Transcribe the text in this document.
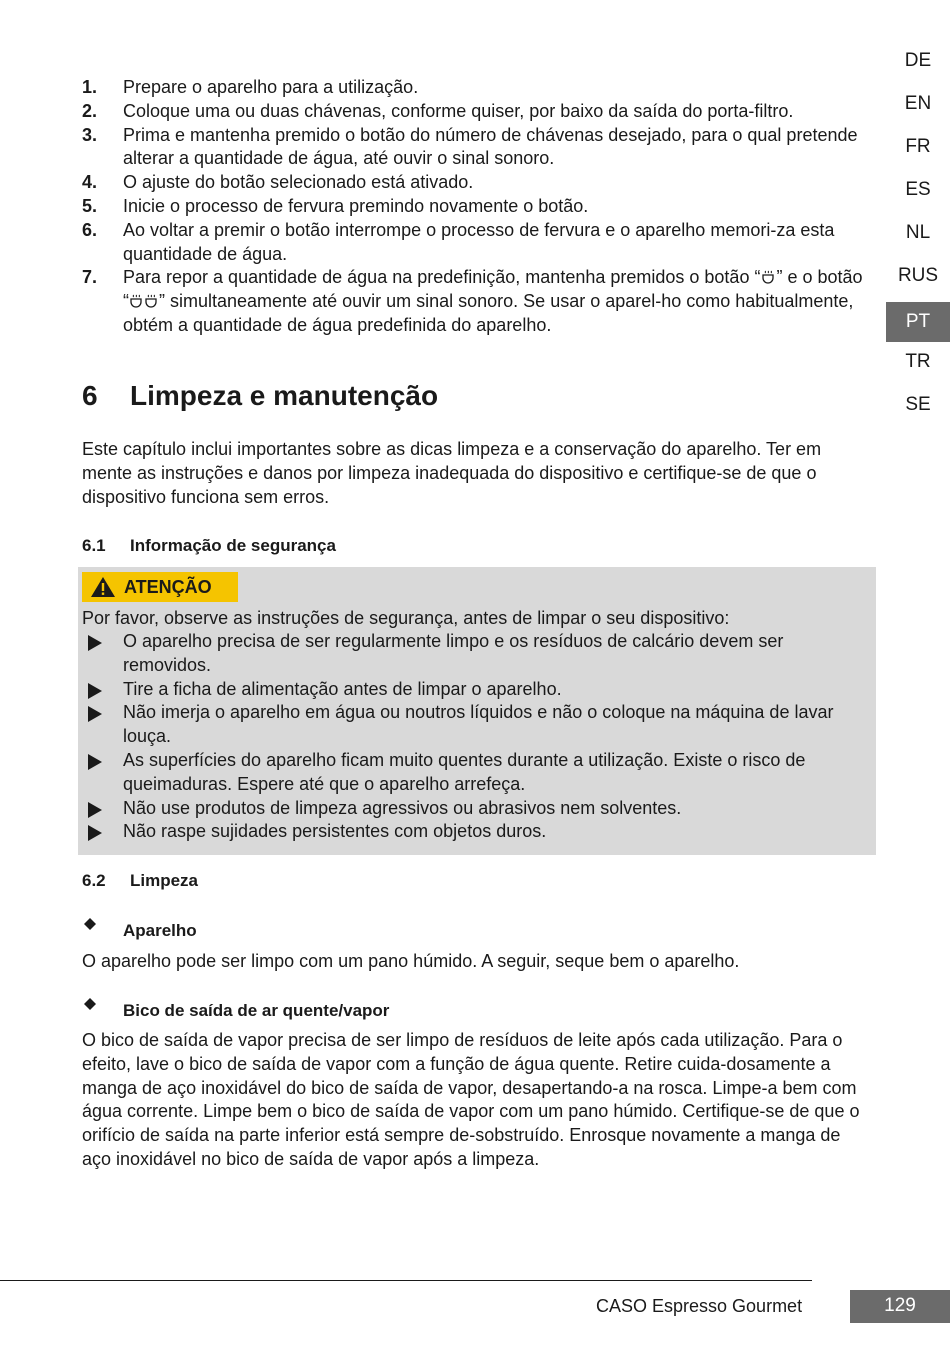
DE
EN
FR
ES
NL
RUS
PT
TR
SE
1.	Prepare o aparelho para a utilização.
2.	Coloque uma ou duas chávenas, conforme quiser, por baixo da saída do porta-filtro.
3.	Prima e mantenha premido o botão do número de chávenas desejado, para o qual pretende alterar a quantidade de água, até ouvir o sinal sonoro.
4.	O ajuste do botão selecionado está ativado.
5.	Inicie o processo de fervura premindo novamente o botão.
6.	Ao voltar a premir o botão interrompe o processo de fervura e o aparelho memori-za esta quantidade de água.
7.	Para repor a quantidade de água na predefinição, mantenha premidos o botão “ ” e o botão “ ” simultaneamente até ouvir um sinal sonoro. Se usar o aparel-ho como habitualmente, obtém a quantidade de água predefinida do aparelho.
6	Limpeza e manutenção
Este capítulo inclui importantes sobre as dicas limpeza e a conservação do aparelho. Ter em mente as instruções e danos por limpeza inadequada do dispositivo e certifique-se de que o dispositivo funciona sem erros.
6.1	Informação de segurança
ATENÇÃO
Por favor, observe as instruções de segurança, antes de limpar o seu dispositivo:
O aparelho precisa de ser regularmente limpo e os resíduos de calcário devem ser removidos.
Tire a ficha de alimentação antes de limpar o aparelho.
Não imerja o aparelho em água ou noutros líquidos e não o coloque na máquina de lavar louça.
As superfícies do aparelho ficam muito quentes durante a utilização. Existe o risco de queimaduras. Espere até que o aparelho arrefeça.
Não use produtos de limpeza agressivos ou abrasivos nem solventes.
Não raspe sujidades persistentes com objetos duros.
6.2	Limpeza
Aparelho
O aparelho pode ser limpo com um pano húmido. A seguir, seque bem o aparelho.
Bico de saída de ar quente/vapor
O bico de saída de vapor precisa de ser limpo de resíduos de leite após cada utilização. Para o efeito, lave o bico de saída de vapor com a função de água quente. Retire cuida-dosamente a manga de aço inoxidável do bico de saída de vapor, desapertando-a na rosca. Limpe-a bem com água corrente. Limpe bem o bico de saída de vapor com um pano húmido. Certifique-se de que o orifício de saída na parte inferior está sempre de-sobstruído. Enrosque novamente a manga de aço inoxidável no bico de saída de vapor após a limpeza.
CASO Espresso Gourmet	129
